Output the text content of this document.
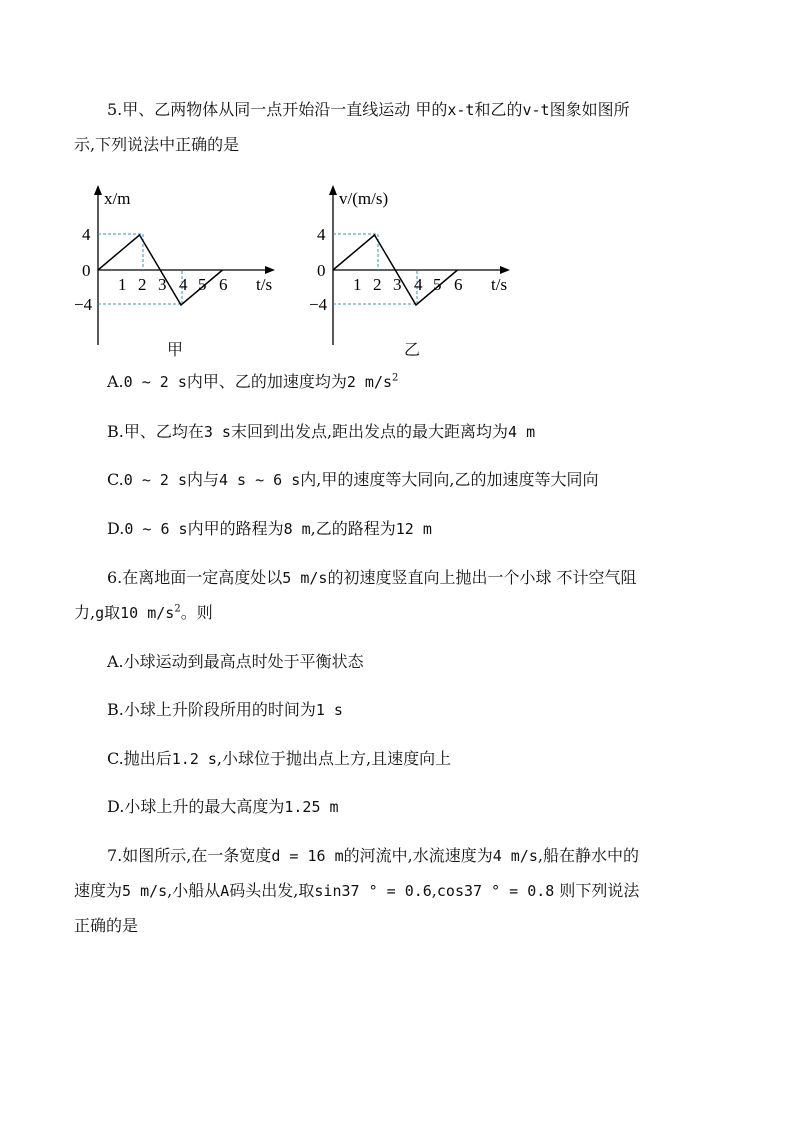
5.甲、乙两物体从同一点开始沿一直线运动 甲的x-t和乙的v-t图象如图所
示,下列说法中正确的是
4
0
−4
1 2 3 4 5 6 t/s
x/m
甲
4
0
−4
1 2 3 4 5 6 t/s
v/(m/s)
乙
A.0 ~ 2 s内甲、乙的加速度均为2 $m/s^2$
B.甲、乙均在3 s末回到出发点,距出发点的最大距离均为4 m
C.0 ~ 2 s内与4 s ~ 6 s内,甲的速度等大同向,乙的加速度等大同向
D.0 ~ 6 s内甲的路程为8 m,乙的路程为12 m
6.在离地面一定高度处以5 m/s的初速度竖直向上抛出一个小球 不计空气阻
力,g取10 $m/s^2$。则
A.小球运动到最高点时处于平衡状态
B.小球上升阶段所用的时间为1 s
C.抛出后1.2 s,小球位于抛出点上方,且速度向上
D.小球上升的最大高度为1.25 m
7.如图所示,在一条宽度d = 16 m的河流中,水流速度为4 m/s,船在静水中的
速度为5 m/s,小船从A码头出发,取sin37 ° = 0.6,cos37 ° = 0.8 则下列说法
正确的是
